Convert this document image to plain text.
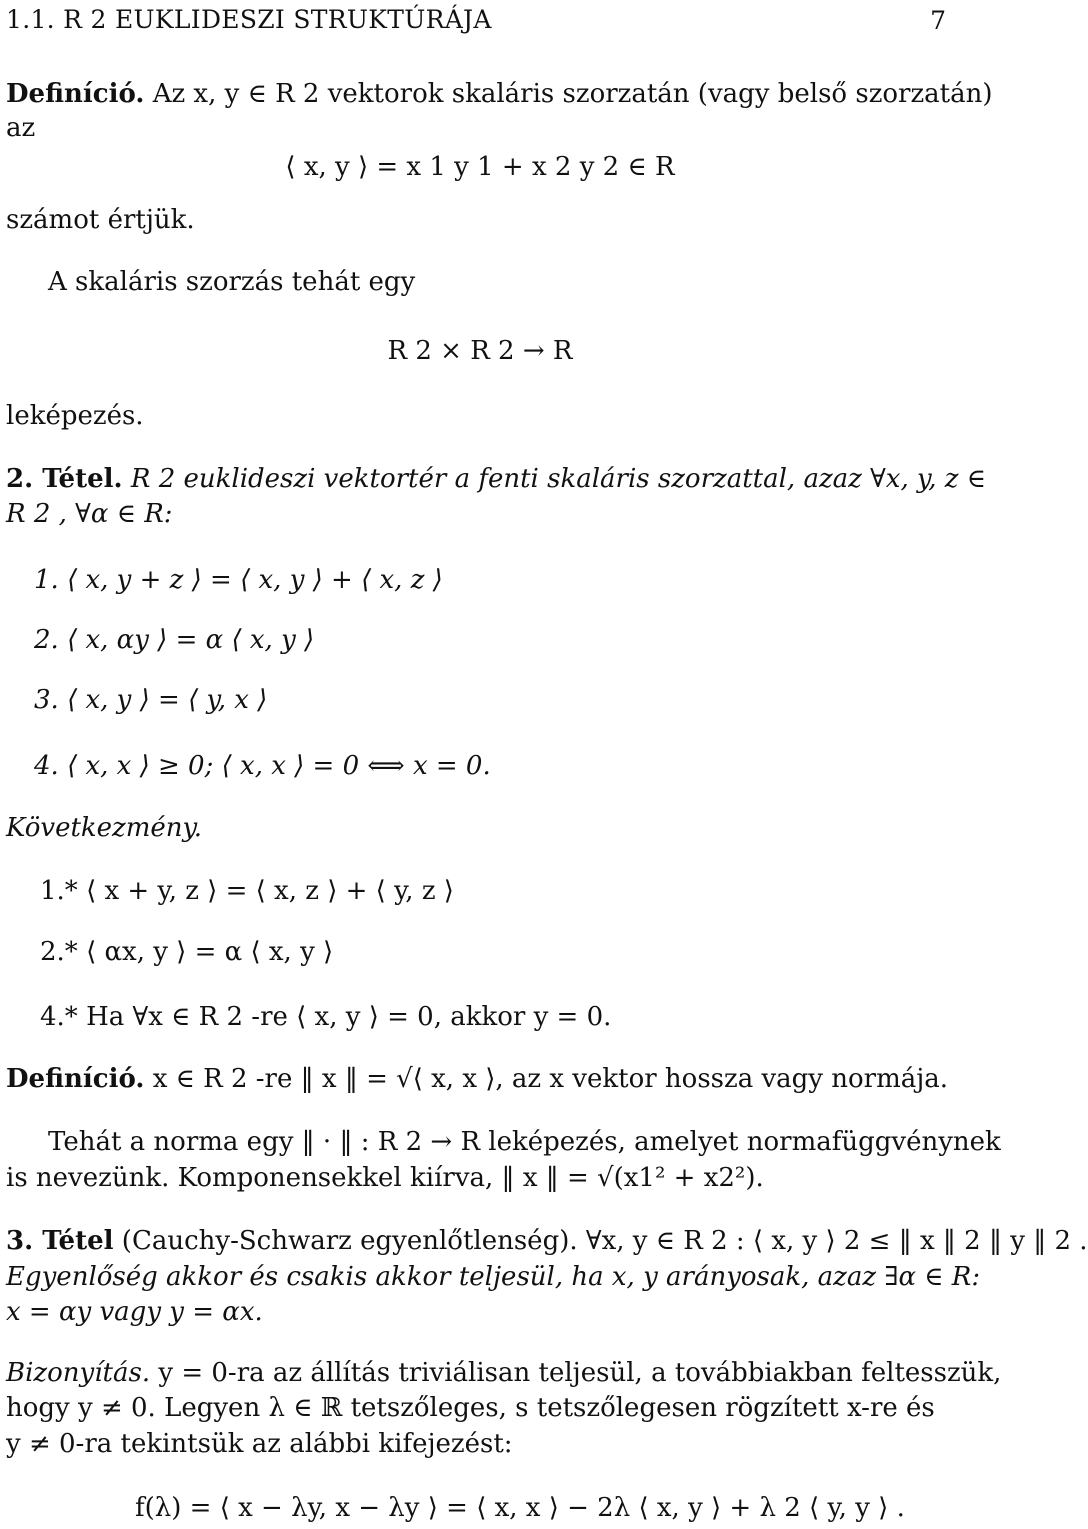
1.1. R 2 EUKLIDESZI STRUKTÚRÁJA	7
Definíció. Az x, y ∈ R 2 vektorok skaláris szorzatán (vagy belső szorzatán)
az
⟨ x, y ⟩ = x 1 y 1 + x 2 y 2 ∈ R
számot értjük.
A skaláris szorzás tehát egy
R 2 × R 2 → R
leképezés.
2. Tétel. R 2 euklideszi vektortér a fenti skaláris szorzattal, azaz ∀x, y, z ∈
R 2 , ∀α ∈ R:
1. ⟨ x, y + z ⟩ = ⟨ x, y ⟩ + ⟨ x, z ⟩
2. ⟨ x, αy ⟩ = α ⟨ x, y ⟩
3. ⟨ x, y ⟩ = ⟨ y, x ⟩
4. ⟨ x, x ⟩ ≥ 0; ⟨ x, x ⟩ = 0 ⟺ x = 0.
Következmény.
1.* ⟨ x + y, z ⟩ = ⟨ x, z ⟩ + ⟨ y, z ⟩
2.* ⟨ αx, y ⟩ = α ⟨ x, y ⟩
4.* Ha ∀x ∈ R 2 -re ⟨ x, y ⟩ = 0, akkor y = 0.
Definíció. x ∈ R 2 -re ‖ x ‖ = √⟨ x, x ⟩, az x vektor hossza vagy normája.
Tehát a norma egy ‖ · ‖ : R 2 → R leképezés, amelyet normafüggvénynek
is nevezünk. Komponensekkel kiírva, ‖ x ‖ = √(x1² + x2²).
3. Tétel (Cauchy-Schwarz egyenlőtlenség). ∀x, y ∈ R 2 : ⟨ x, y ⟩ 2 ≤ ‖ x ‖ 2 ‖ y ‖ 2 .
Egyenlőség akkor és csakis akkor teljesül, ha x, y arányosak, azaz ∃α ∈ R:
x = αy vagy y = αx.
Bizonyítás. y = 0-ra az állítás triviálisan teljesül, a továbbiakban feltesszük,
hogy y ≠ 0. Legyen λ ∈ ℝ tetszőleges, s tetszőlegesen rögzített x-re és
y ≠ 0-ra tekintsük az alábbi kifejezést:
f(λ) = ⟨ x − λy, x − λy ⟩ = ⟨ x, x ⟩ − 2λ ⟨ x, y ⟩ + λ 2 ⟨ y, y ⟩ .
